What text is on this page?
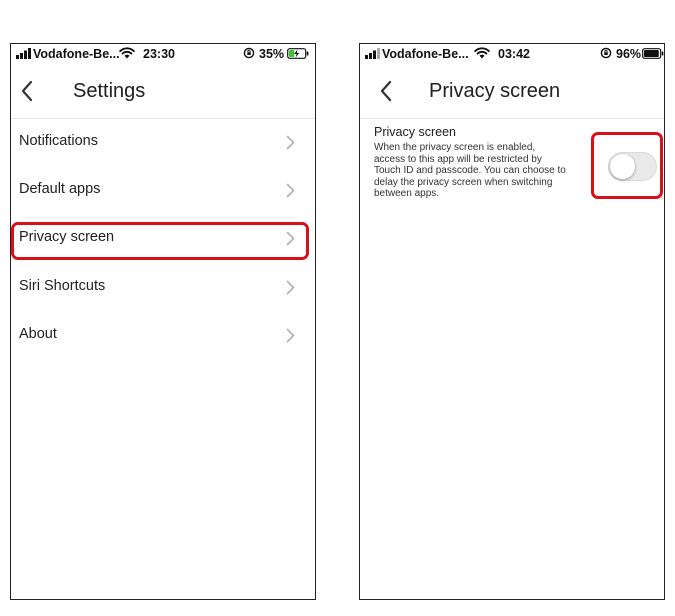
Vodafone-Be... 23:30	35%
Settings
Notifications
Default apps
Privacy screen
Siri Shortcuts
About
Vodafone-Be... 03:42	96%
Privacy screen
Privacy screen
When the privacy screen is enabled,
access to this app will be restricted by
Touch ID and passcode. You can choose to
delay the privacy screen when switching
between apps.
